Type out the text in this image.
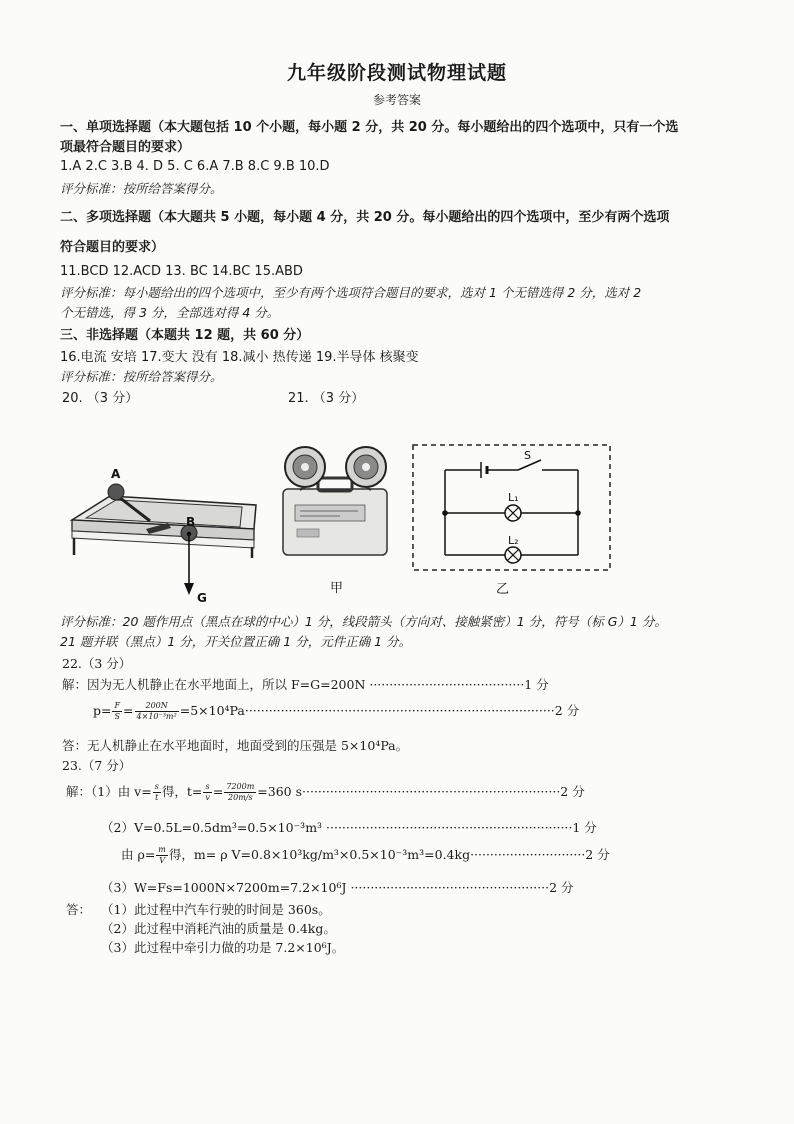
九年级阶段测试物理试题
参考答案
一、单项选择题（本大题包括 10 个小题，每小题 2 分，共 20 分。每小题给出的四个选项中，只有一个选
项最符合题目的要求）
1.A 2.C 3.B 4. D 5. C 6.A 7.B 8.C 9.B 10.D
评分标准：按所给答案得分。
二、多项选择题（本大题共 5 小题，每小题 4 分，共 20 分。每小题给出的四个选项中，至少有两个选项
符合题目的要求）
11.BCD 12.ACD 13. BC 14.BC 15.ABD
评分标准：每小题给出的四个选项中，至少有两个选项符合题目的要求，选对 1 个无错选得 2 分，选对 2
个无错选，得 3 分，全部选对得 4 分。
三、非选择题（本题共 12 题，共 60 分）
16.电流 安培 17.变大 没有 18.减小 热传递 19.半导体 核聚变
评分标准：按所给答案得分。
20. （3 分）	21. （3 分）
A
B
G
甲
S
L₁
L₂
乙
评分标准：20 题作用点（黑点在球的中心）1 分，线段箭头（方向对、接触紧密）1 分，符号（标 G）1 分。
21 题并联（黑点）1 分，开关位置正确 1 分，元件正确 1 分。
22.（3 分）
解：因为无人机静止在水平地面上，所以 F=G=200N ·······································1 分
$p= \frac{F}{S} = \frac{200N}{\text{4×10⁻³m²}} =5\times 10^4Pa\cdot\cdot\cdot\cdot\cdot\cdot\cdot\cdot\cdot\cdot\cdot\cdot\cdot\cdot\cdot\cdot\cdot\cdot\cdot\cdot\cdot\cdot\cdot\cdot\cdot\cdot\cdot\cdot\cdot\cdot\cdot\cdot\cdot\cdot\cdot\cdot\cdot\cdot\cdot\cdot\cdot\cdot\cdot\cdot\cdot\cdot\cdot\cdot\cdot\cdot\cdot\cdot\cdot\cdot\cdot\cdot\cdot\cdot\cdot\cdot\cdot\cdot\cdot\cdot\cdot\cdot\cdot\cdot\cdot\cdot\cdot\cdot\cdot\cdot\cdot\cdot\cdot\cdot 2$ 分
答：无人机静止在水平地面时，地面受到的压强是 5×10⁴Pa。
23.（7 分）
解：（1）由 $v= \frac{s}{t}$ 得，$t= \frac{s}{v} = \frac{7200m}{20m/s} =360$ s·································································2 分
（2）V=0.5L=0.5dm³=0.5×10⁻³m³ ······························································1 分
由 $\rho= \frac{m}{V}$ 得，m= ρ V=0.8×10³kg/m³×0.5×10⁻³m³=0.4kg·····························2 分
（3）W=Fs=1000N×7200m=7.2×10⁶J ··················································2 分
答： （1）此过程中汽车行驶的时间是 360s。
（2）此过程中消耗汽油的质量是 0.4kg。
（3）此过程中牵引力做的功是 7.2×10⁶J。
